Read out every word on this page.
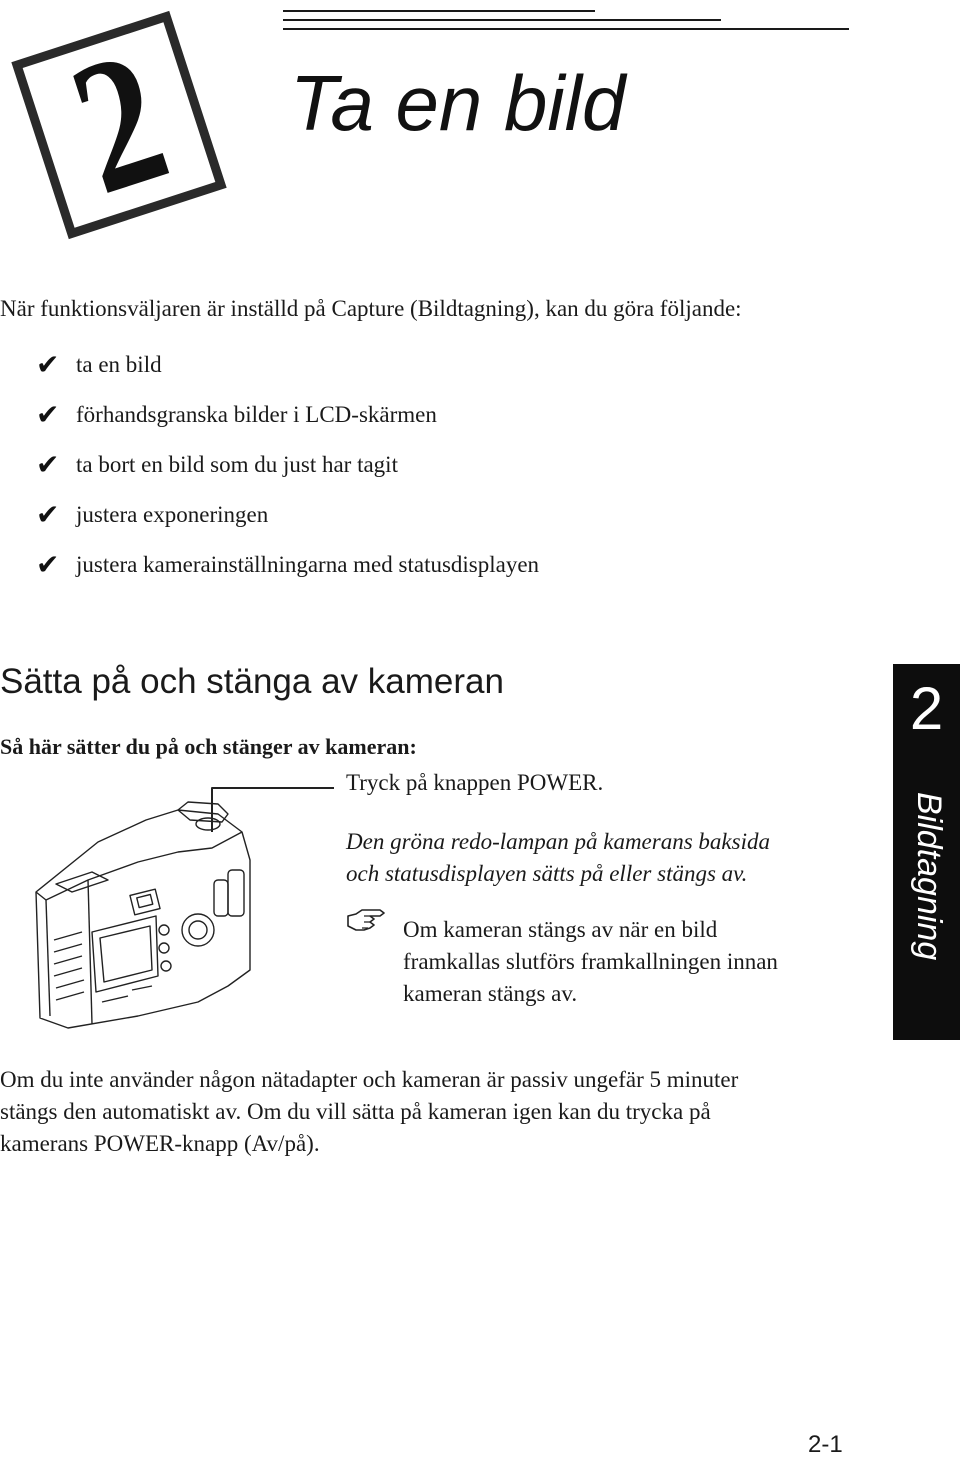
2 Ta en bild
När funktionsväljaren är inställd på Capture (Bildtagning), kan du göra följande:
✔ ta en bild
✔ förhandsgranska bilder i LCD-skärmen
✔ ta bort en bild som du just har tagit
✔ justera exponeringen
✔ justera kamerainställningarna med statusdisplayen
Sätta på och stänga av kameran
Så här sätter du på och stänger av kameran:
Tryck på knappen POWER.
Den gröna redo-lampan på kamerans baksida
och statusdisplayen sätts på eller stängs av.
Om kameran stängs av när en bild
framkallas slutförs framkallningen innan
kameran stängs av.
2
Bildtagning
Om du inte använder någon nätadapter och kameran är passiv ungefär 5 minuter
stängs den automatiskt av. Om du vill sätta på kameran igen kan du trycka på
kamerans POWER-knapp (Av/på).
2-1
